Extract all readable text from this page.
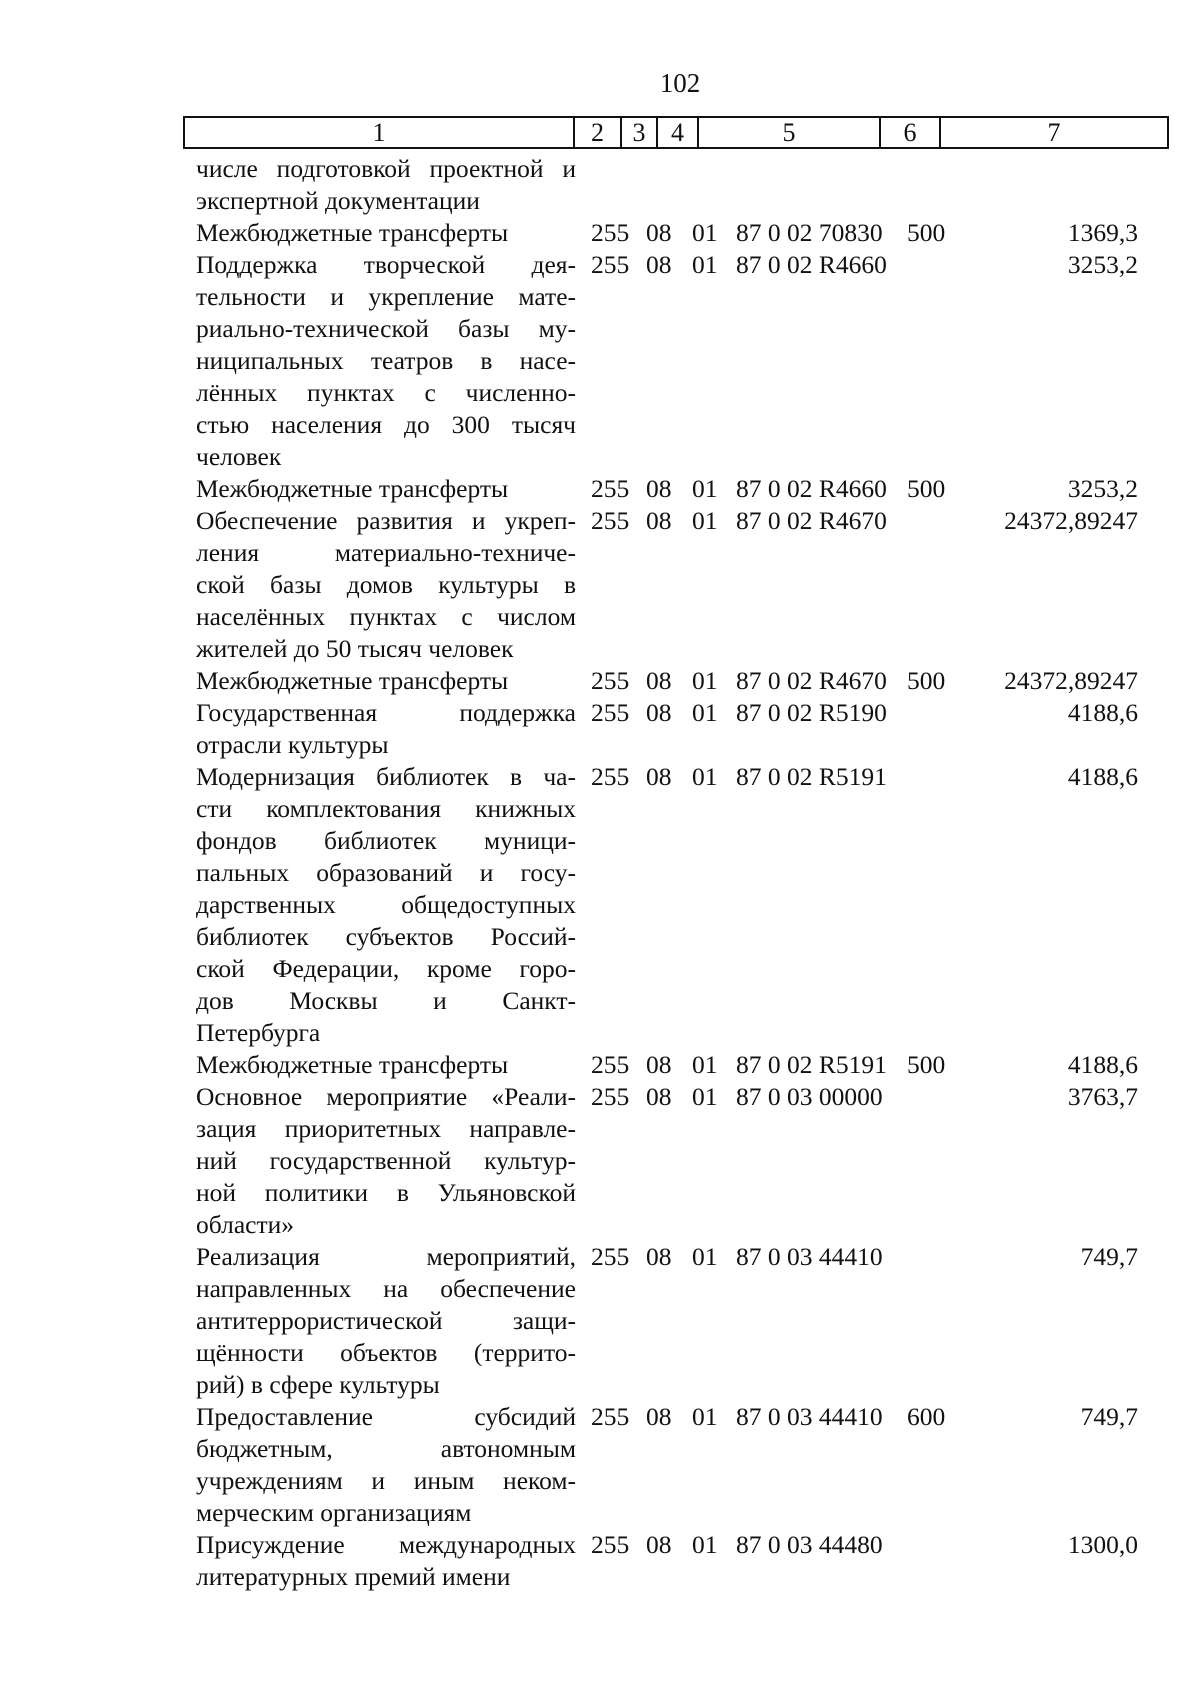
102
1	2	3 4	5	6	7
числе подготовкой проектной и
экспертной документации
Межбюджетные трансферты	255 08 01 87 0 02 70830 500	1369,3
Поддержка творческой дея-
тельности и укрепление мате-
риально-технической базы му-
ниципальных театров в насе-
лённых пунктах с численно-
стью населения до 300 тысяч
человек
255 08 01 87 0 02 R4660	3253,2
Межбюджетные трансферты	255 08 01 87 0 02 R4660 500	3253,2
Обеспечение развития и укреп-
ления материально-техниче-
ской базы домов культуры в
населённых пунктах с числом
жителей до 50 тысяч человек
255 08 01 87 0 02 R4670	24372,89247
Межбюджетные трансферты	255 08 01 87 0 02 R4670 500 24372,89247
Государственная поддержка
отрасли культуры
255 08 01 87 0 02 R5190	4188,6
Модернизация библиотек в ча-
сти комплектования книжных
фондов библиотек муници-
пальных образований и госу-
дарственных общедоступных
библиотек субъектов Россий-
ской Федерации, кроме горо-
дов Москвы и Санкт-
Петербурга
255 08 01 87 0 02 R5191	4188,6
Межбюджетные трансферты	255 08 01 87 0 02 R5191 500	4188,6
Основное мероприятие «Реали-
зация приоритетных направле-
ний государственной культур-
ной политики в Ульяновской
области»
255 08 01 87 0 03 00000	3763,7
Реализация мероприятий,
направленных на обеспечение
антитеррористической защи-
щённости объектов (террито-
рий) в сфере культуры
255 08 01 87 0 03 44410	749,7
Предоставление субсидий
бюджетным, автономным
учреждениям и иным неком-
мерческим организациям
255 08 01 87 0 03 44410 600	749,7
Присуждение международных
литературных премий имени
255 08 01 87 0 03 44480	1300,0
